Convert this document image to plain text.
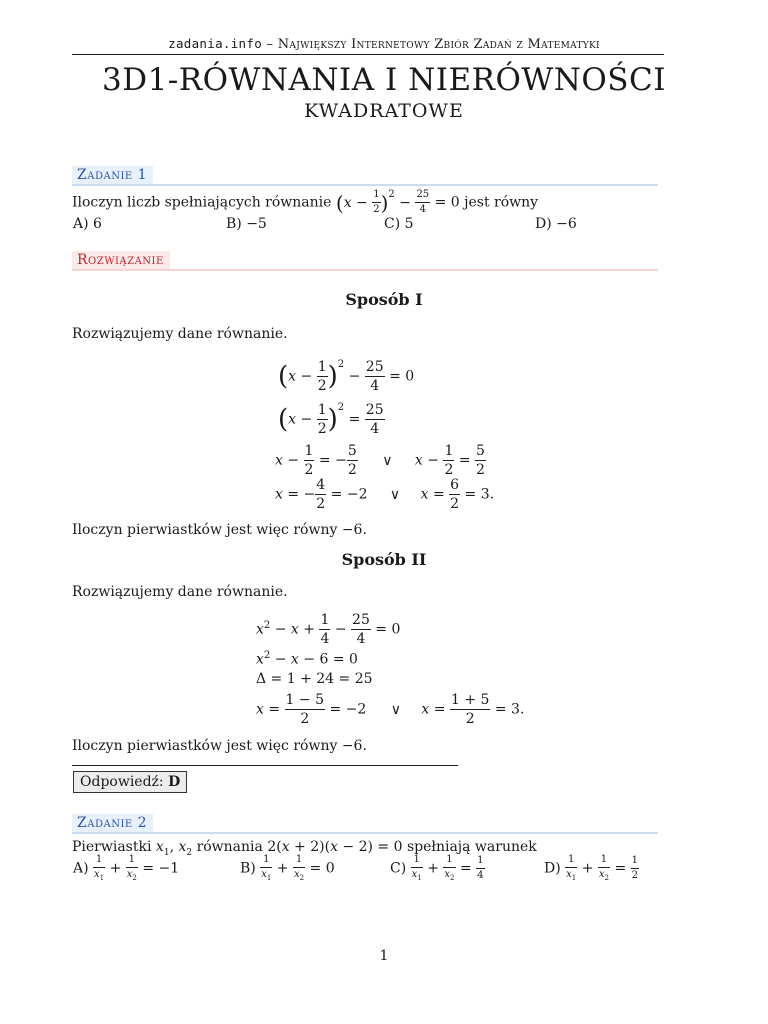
zadania.info – Największy Internetowy Zbiór Zadań z Matematyki
3D1-RÓWNANIA I NIERÓWNOŚCI
KWADRATOWE
Zadanie 1
Iloczyn liczb spełniających równanie $(x - \frac{1}{2} )^2 - \frac{25}{4} = 0$ jest równy
A) 6	B) −5	C) 5	D) −6
Rozwiązanie
Sposób I
Rozwiązujemy dane równanie.
$(x - \frac{1}{2} )^2 - \frac{25}{4} = 0$
$(x - \frac{1}{2} )^2 = \frac{25}{4}$
$x - \frac{1}{2}$ = − $\frac{5}{2}$ ∨ $x - \frac{1}{2} = \frac{5}{2}$
x = − $\frac{4}{2} = -2$ ∨ $x = \frac{6}{2} = 3$.
Iloczyn pierwiastków jest więc równy −6.
Sposób II
Rozwiązujemy dane równanie.
$x^2 - x + \frac{1}{4} - \frac{25}{4} = 0$
$x^2 - x - 6 = 0$
Δ = 1 + 24 = 25
$x = \frac{1 - 5}{2} = -2$ ∨ $x = \frac{1 + 5}{2} = 3$.
Iloczyn pierwiastków jest więc równy −6.
Odpowiedź: D
Zadanie 2
Pierwiastki $x_1$, $x_2$ równania 2(x + 2)(x − 2) = 0 spełniają warunek
$A) \frac{1}{x_1} + \frac{1}{x_2} = -1$	$B) \frac{1}{x_1} + \frac{1}{x_2} = 0$	$C) \frac{1}{x_1} + \frac{1}{x_2} = \frac{1}{4}$	$D) \frac{1}{x_1} + \frac{1}{x_2} = \frac{1}{2}$
1
